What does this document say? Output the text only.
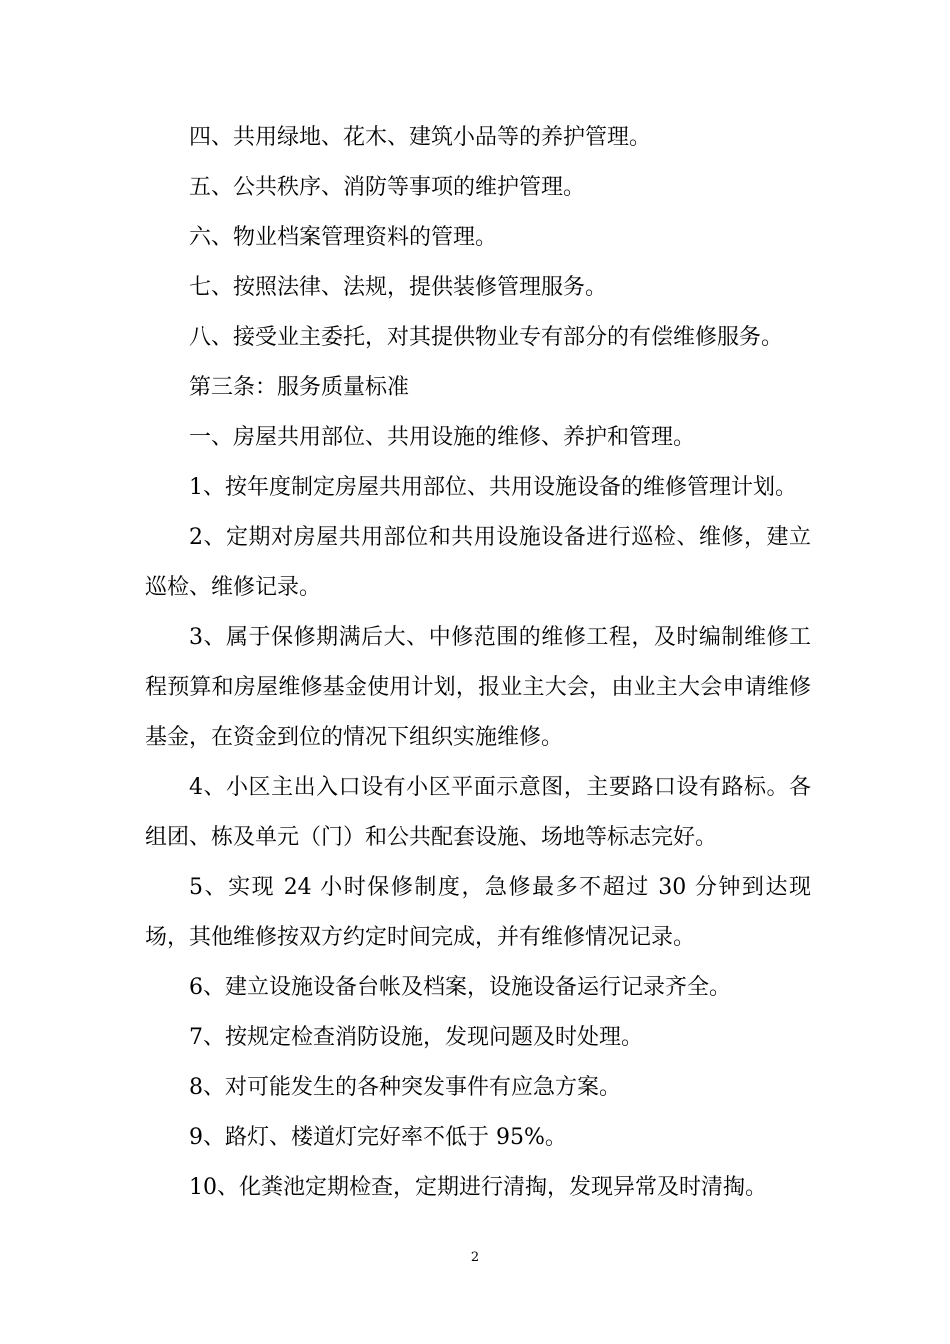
四、共用绿地、花木、建筑小品等的养护管理。

五、公共秩序、消防等事项的维护管理。

六、物业档案管理资料的管理。

七、按照法律、法规，提供装修管理服务。

八、接受业主委托，对其提供物业专有部分的有偿维修服务。

第三条：服务质量标准

一、房屋共用部位、共用设施的维修、养护和管理。

1、按年度制定房屋共用部位、共用设施设备的维修管理计划。

2、定期对房屋共用部位和共用设施设备进行巡检、维修，建立巡检、维修记录。

3、属于保修期满后大、中修范围的维修工程，及时编制维修工程预算和房屋维修基金使用计划，报业主大会，由业主大会申请维修基金，在资金到位的情况下组织实施维修。

4、小区主出入口设有小区平面示意图，主要路口设有路标。各组团、栋及单元（门）和公共配套设施、场地等标志完好。

5、实现 24 小时保修制度，急修最多不超过 30 分钟到达现场，其他维修按双方约定时间完成，并有维修情况记录。

6、建立设施设备台帐及档案，设施设备运行记录齐全。

7、按规定检查消防设施，发现问题及时处理。

8、对可能发生的各种突发事件有应急方案。

9、路灯、楼道灯完好率不低于 95%。

10、化粪池定期检查，定期进行清掏，发现异常及时清掏。

2
